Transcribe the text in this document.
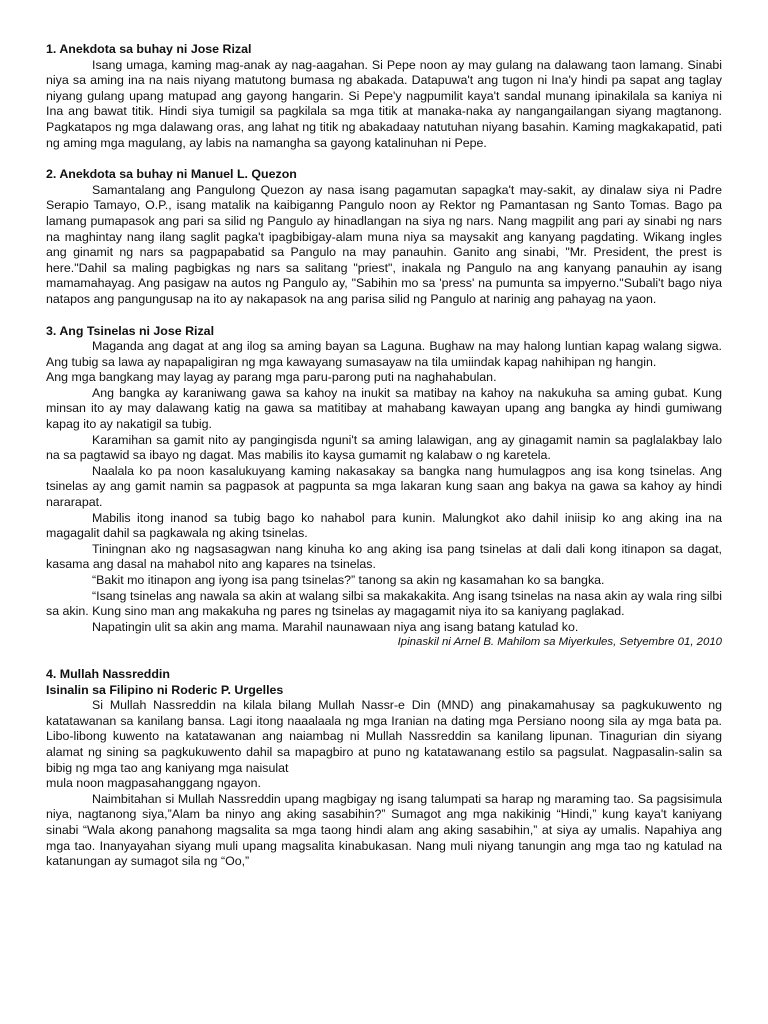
1. Anekdota sa buhay ni Jose Rizal

Isang umaga, kaming mag-anak ay nag-aagahan. Si Pepe noon ay may gulang na dalawang taon lamang. Sinabi niya sa aming ina na nais niyang matutong bumasa ng abakada. Datapuwa't ang tugon ni Ina'y hindi pa sapat ang taglay niyang gulang upang matupad ang gayong hangarin. Si Pepe'y nagpumilit kaya't sandal munang ipinakilala sa kaniya ni Ina ang bawat titik. Hindi siya tumigil sa pagkilala sa mga titik at manaka-naka ay nangangailangan siyang magtanong. Pagkatapos ng mga dalawang oras, ang lahat ng titik ng abakadaay natutuhan niyang basahin. Kaming magkakapatid, pati ng aming mga magulang, ay labis na namangha sa gayong katalinuhan ni Pepe.

2. Anekdota sa buhay ni Manuel L. Quezon

Samantalang ang Pangulong Quezon ay nasa isang pagamutan sapagka't may-sakit, ay dinalaw siya ni Padre Serapio Tamayo, O.P., isang matalik na kaibiganng Pangulo noon ay Rektor ng Pamantasan ng Santo Tomas. Bago pa lamang pumapasok ang pari sa silid ng Pangulo ay hinadlangan na siya ng nars. Nang magpilit ang pari ay sinabi ng nars na maghintay nang ilang saglit pagka't ipagbibigay-alam muna niya sa maysakit ang kanyang pagdating. Wikang ingles ang ginamit ng nars sa pagpapabatid sa Pangulo na may panauhin. Ganito ang sinabi, "Mr. President, the prest is here."Dahil sa maling pagbigkas ng nars sa salitang "priest", inakala ng Pangulo na ang kanyang panauhin ay isang mamamahayag. Ang pasigaw na autos ng Pangulo ay, "Sabihin mo sa 'press' na pumunta sa impyerno."Subali't bago niya natapos ang pangungusap na ito ay nakapasok na ang parisa silid ng Pangulo at narinig ang pahayag na yaon.

3. Ang Tsinelas ni Jose Rizal

Maganda ang dagat at ang ilog sa aming bayan sa Laguna. Bughaw na may halong luntian kapag walang sigwa. Ang tubig sa lawa ay napapaligiran ng mga kawayang sumasayaw na tila umiindak kapag nahihipan ng hangin.

Ang mga bangkang may layag ay parang mga paru-parong puti na naghahabulan.

Ang bangka ay karaniwang gawa sa kahoy na inukit sa matibay na kahoy na nakukuha sa aming gubat. Kung minsan ito ay may dalawang katig na gawa sa matitibay at mahabang kawayan upang ang bangka ay hindi gumiwang kapag ito ay nakatigil sa tubig.

Karamihan sa gamit nito ay pangingisda nguni't sa aming lalawigan, ang ay ginagamit namin sa paglalakbay lalo na sa pagtawid sa ibayo ng dagat. Mas mabilis ito kaysa gumamit ng kalabaw o ng karetela.

Naalala ko pa noon kasalukuyang kaming nakasakay sa bangka nang humulagpos ang isa kong tsinelas. Ang tsinelas ay ang gamit namin sa pagpasok at pagpunta sa mga lakaran kung saan ang bakya na gawa sa kahoy ay hindi nararapat.

Mabilis itong inanod sa tubig bago ko nahabol para kunin. Malungkot ako dahil iniisip ko ang aking ina na magagalit dahil sa pagkawala ng aking tsinelas.

Tiningnan ako ng nagsasagwan nang kinuha ko ang aking isa pang tsinelas at dali dali kong itinapon sa dagat, kasama ang dasal na mahabol nito ang kapares na tsinelas.

“Bakit mo itinapon ang iyong isa pang tsinelas?” tanong sa akin ng kasamahan ko sa bangka.

“Isang tsinelas ang nawala sa akin at walang silbi sa makakakita. Ang isang tsinelas na nasa akin ay wala ring silbi sa akin. Kung sino man ang makakuha ng pares ng tsinelas ay magagamit niya ito sa kaniyang paglakad.

Napatingin ulit sa akin ang mama. Marahil naunawaan niya ang isang batang katulad ko.

Ipinaskil ni Arnel B. Mahilom sa Miyerkules, Setyembre 01, 2010

4. Mullah Nassreddin

Isinalin sa Filipino ni Roderic P. Urgelles

Si Mullah Nassreddin na kilala bilang Mullah Nassr-e Din (MND) ang pinakamahusay sa pagkukuwento ng katatawanan sa kanilang bansa. Lagi itong naaalaala ng mga Iranian na dating mga Persiano noong sila ay mga bata pa. Libo-libong kuwento na katatawanan ang naiambag ni Mullah Nassreddin sa kanilang lipunan. Tinagurian din siyang alamat ng sining sa pagkukuwento dahil sa mapagbiro at puno ng katatawanang estilo sa pagsulat. Nagpasalin-salin sa bibig ng mga tao ang kaniyang mga naisulat

mula noon magpasahanggang ngayon.

Naimbitahan si Mullah Nassreddin upang magbigay ng isang talumpati sa harap ng maraming tao. Sa pagsisimula niya, nagtanong siya,”Alam ba ninyo ang aking sasabihin?” Sumagot ang mga nakikinig “Hindi,” kung kaya't kaniyang sinabi “Wala akong panahong magsalita sa mga taong hindi alam ang aking sasabihin,” at siya ay umalis. Napahiya ang mga tao. Inanyayahan siyang muli upang magsalita kinabukasan. Nang muli niyang tanungin ang mga tao ng katulad na katanungan ay sumagot sila ng “Oo,”
